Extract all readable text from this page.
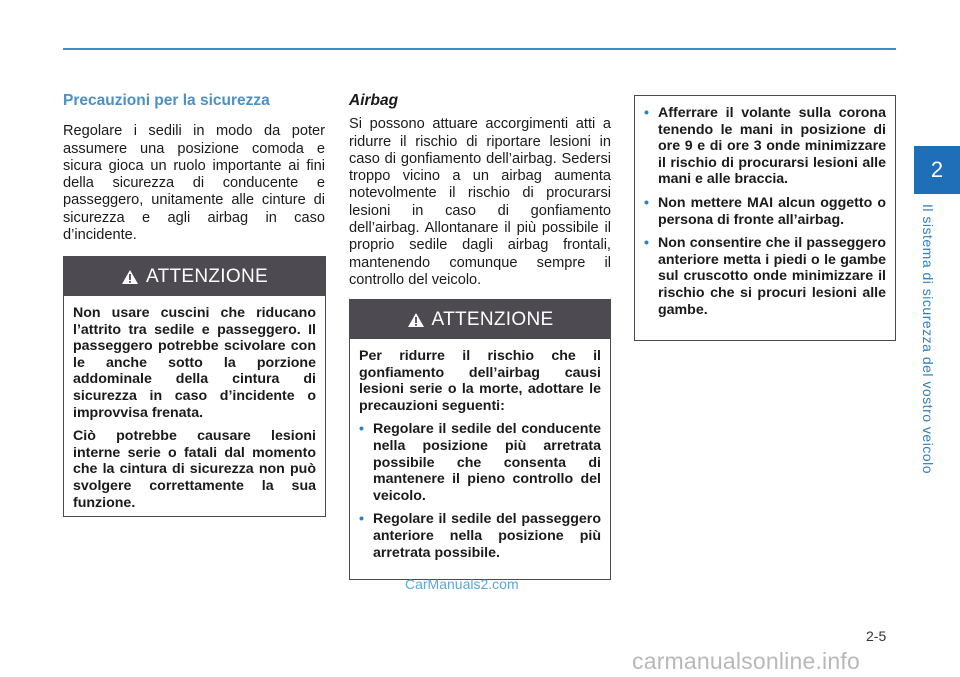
2
Il sistema di sicurezza del vostro veicolo
Precauzioni per la sicurezza

Regolare i sedili in modo da poter assumere una posizione comoda e sicura gioca un ruolo importante ai fini della sicurezza di conducente e passeggero, unitamente alle cinture di sicurezza e agli airbag in caso d’incidente.

ATTENZIONE

Non usare cuscini che riducano l’attrito tra sedile e passeggero. Il passeggero potrebbe scivolare con le anche sotto la porzione addominale della cintura di sicurezza in caso d’incidente o improvvisa frenata.

Ciò potrebbe causare lesioni interne serie o fatali dal momento che la cintura di sicurezza non può svolgere correttamente la sua funzione.

Airbag

Si possono attuare accorgimenti atti a ridurre il rischio di riportare lesioni in caso di gonfiamento dell’airbag. Sedersi troppo vicino a un airbag aumenta notevolmente il rischio di procurarsi lesioni in caso di gonfiamento dell’airbag. Allontanare il più possibile il proprio sedile dagli airbag frontali, mantenendo comunque sempre il controllo del veicolo.

ATTENZIONE

Per ridurre il rischio che il gonfiamento dell’airbag causi lesioni serie o la morte, adottare le precauzioni seguenti:

• Regolare il sedile del conducente nella posizione più arretrata possibile che consenta di mantenere il pieno controllo del veicolo.
• Regolare il sedile del passeggero anteriore nella posizione più arretrata possibile.
• Afferrare il volante sulla corona tenendo le mani in posizione di ore 9 e di ore 3 onde minimizzare il rischio di procurarsi lesioni alle mani e alle braccia.
• Non mettere MAI alcun oggetto o persona di fronte all’airbag.
• Non consentire che il passeggero anteriore metta i piedi o le gambe sul cruscotto onde minimizzare il rischio che si procuri lesioni alle gambe.
2-5
CarManuals2.com
carmanualsonline.info
